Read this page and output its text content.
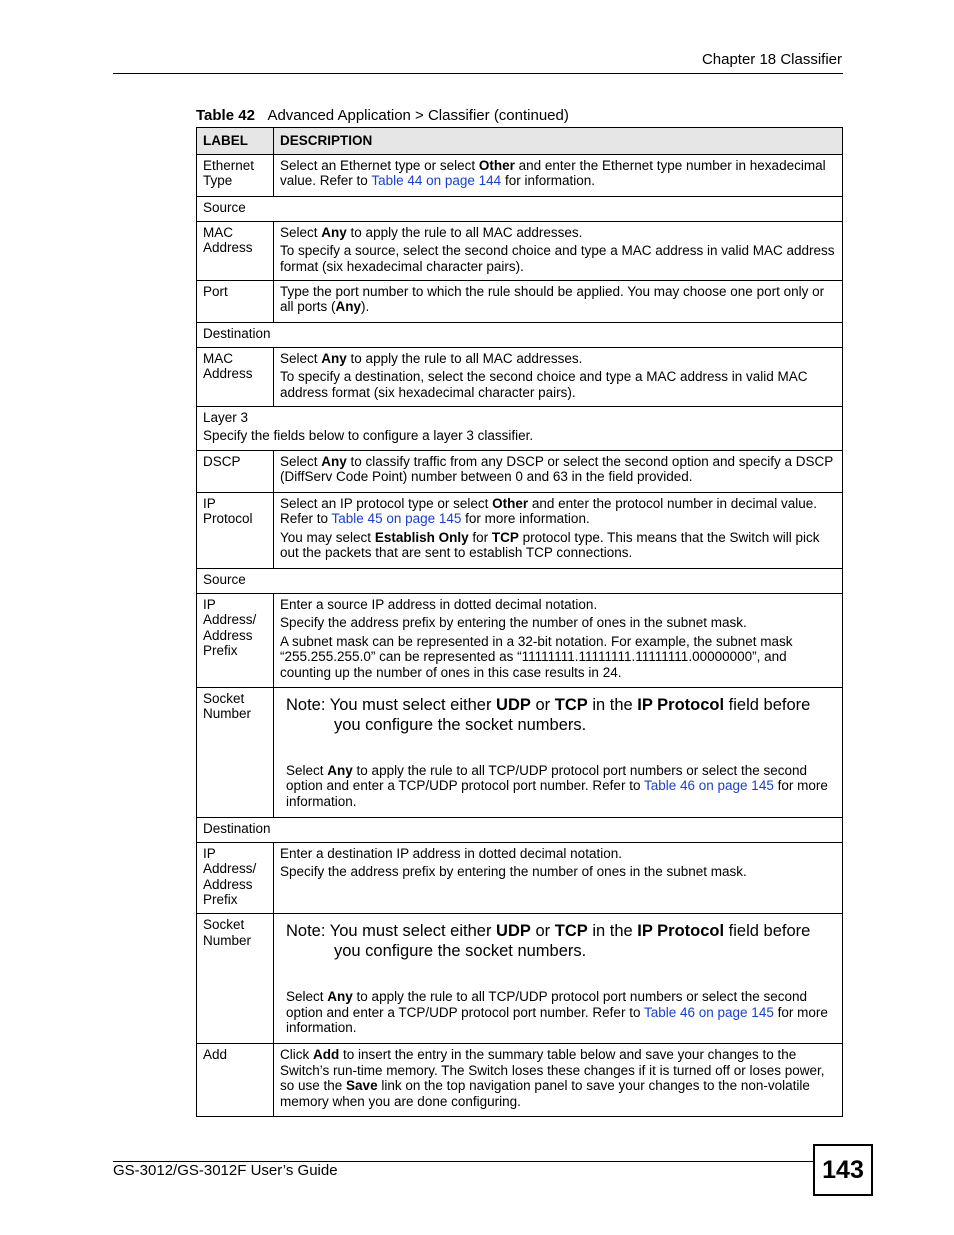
Chapter 18 Classifier
Table 42 Advanced Application > Classifier (continued)
LABEL	DESCRIPTION
Ethernet Type	Select an Ethernet type or select Other and enter the Ethernet type number in hexadecimal value. Refer to Table 44 on page 144 for information.
Source	
MAC Address	Select Any to apply the rule to all MAC addresses.

To specify a source, select the second choice and type a MAC address in valid MAC address format (six hexadecimal character pairs).

Port	Type the port number to which the rule should be applied. You may choose one port only or all ports (Any).
Destination	
MAC Address	Select Any to apply the rule to all MAC addresses.

To specify a destination, select the second choice and type a MAC address in valid MAC address format (six hexadecimal character pairs).

Layer 3

Specify the fields below to configure a layer 3 classifier.	

DSCP	Select Any to classify traffic from any DSCP or select the second option and specify a DSCP (DiffServ Code Point) number between 0 and 63 in the field provided.
IP Protocol	Select an IP protocol type or select Other and enter the protocol number in decimal value. Refer to Table 45 on page 145 for more information.

You may select Establish Only for TCP protocol type. This means that the Switch will pick out the packets that are sent to establish TCP connections.

Source	
IP Address/ Address Prefix	Enter a source IP address in dotted decimal notation.

Specify the address prefix by entering the number of ones in the subnet mask.

A subnet mask can be represented in a 32-bit notation. For example, the subnet mask “255.255.255.0” can be represented as “11111111.11111111.11111111.00000000”, and counting up the number of ones in this case results in 24.

Socket Number	Note: You must select either UDP or TCP in the IP Protocol field before you configure the socket numbers.
Select Any to apply the rule to all TCP/UDP protocol port numbers or select the second option and enter a TCP/UDP protocol port number. Refer to Table 46 on page 145 for more information.

Destination	
IP Address/ Address Prefix	Enter a destination IP address in dotted decimal notation.

Specify the address prefix by entering the number of ones in the subnet mask.

Socket Number	Note: You must select either UDP or TCP in the IP Protocol field before you configure the socket numbers.
Select Any to apply the rule to all TCP/UDP protocol port numbers or select the second option and enter a TCP/UDP protocol port number. Refer to Table 46 on page 145 for more information.

Add	Click Add to insert the entry in the summary table below and save your changes to the Switch’s run-time memory. The Switch loses these changes if it is turned off or loses power, so use the Save link on the top navigation panel to save your changes to the non-volatile memory when you are done configuring.
GS-3012/GS-3012F User’s Guide	143
